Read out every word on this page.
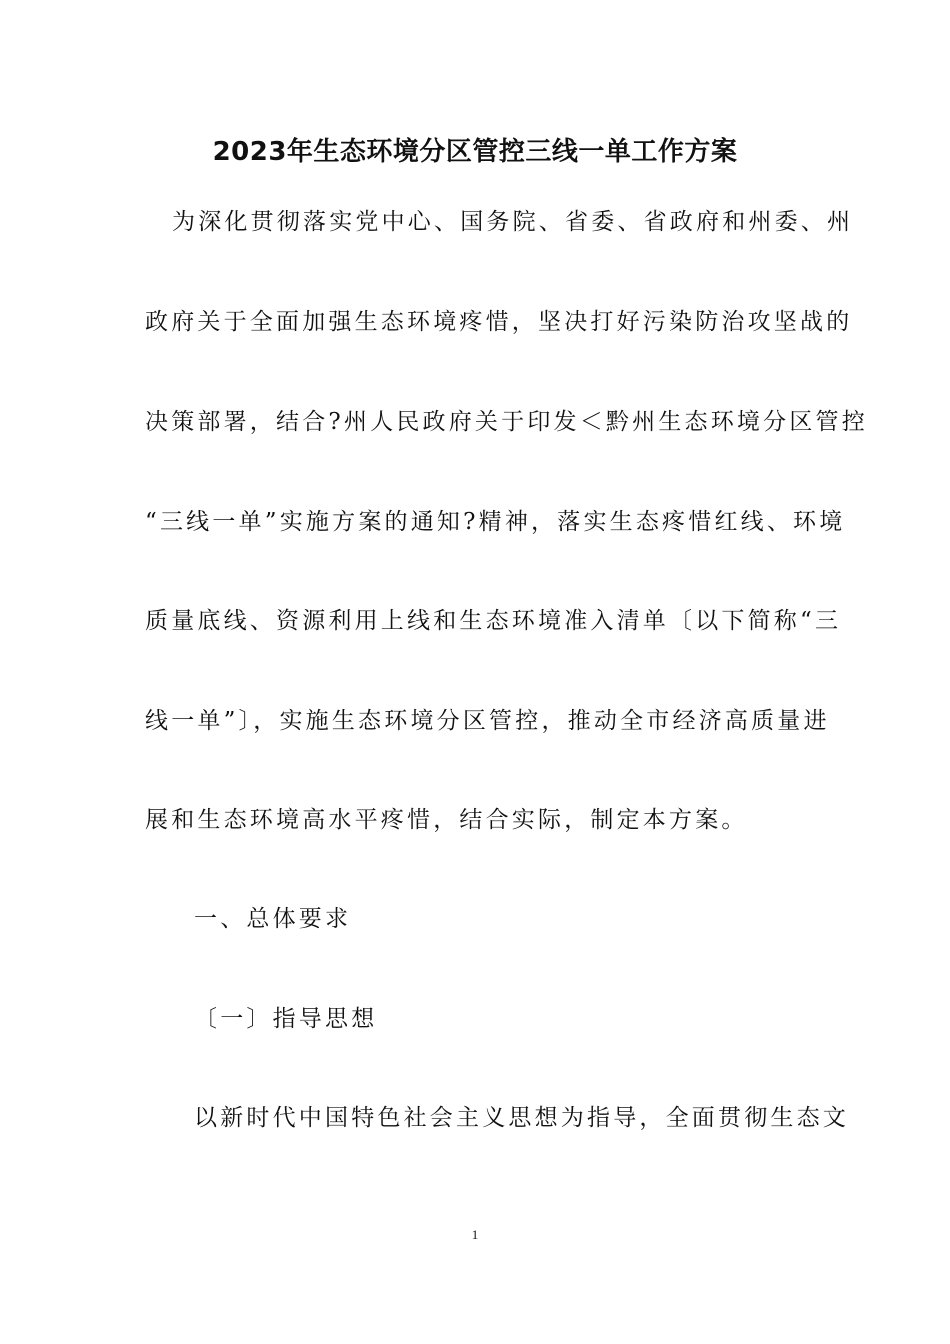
2023年生态环境分区管控三线一单工作方案
为深化贯彻落实党中心、国务院、省委、省政府和州委、州
政府关于全面加强生态环境疼惜，坚决打好污染防治攻坚战的
决策部署，结合?州人民政府关于印发＜黔州生态环境分区管控
“三线一单”实施方案的通知?精神，落实生态疼惜红线、环境
质量底线、资源利用上线和生态环境准入清单〔以下简称“三
线一单”〕，实施生态环境分区管控，推动全市经济高质量进
展和生态环境高水平疼惜，结合实际，制定本方案。
一、总体要求
〔一〕指导思想
以新时代中国特色社会主义思想为指导，全面贯彻生态文
1
